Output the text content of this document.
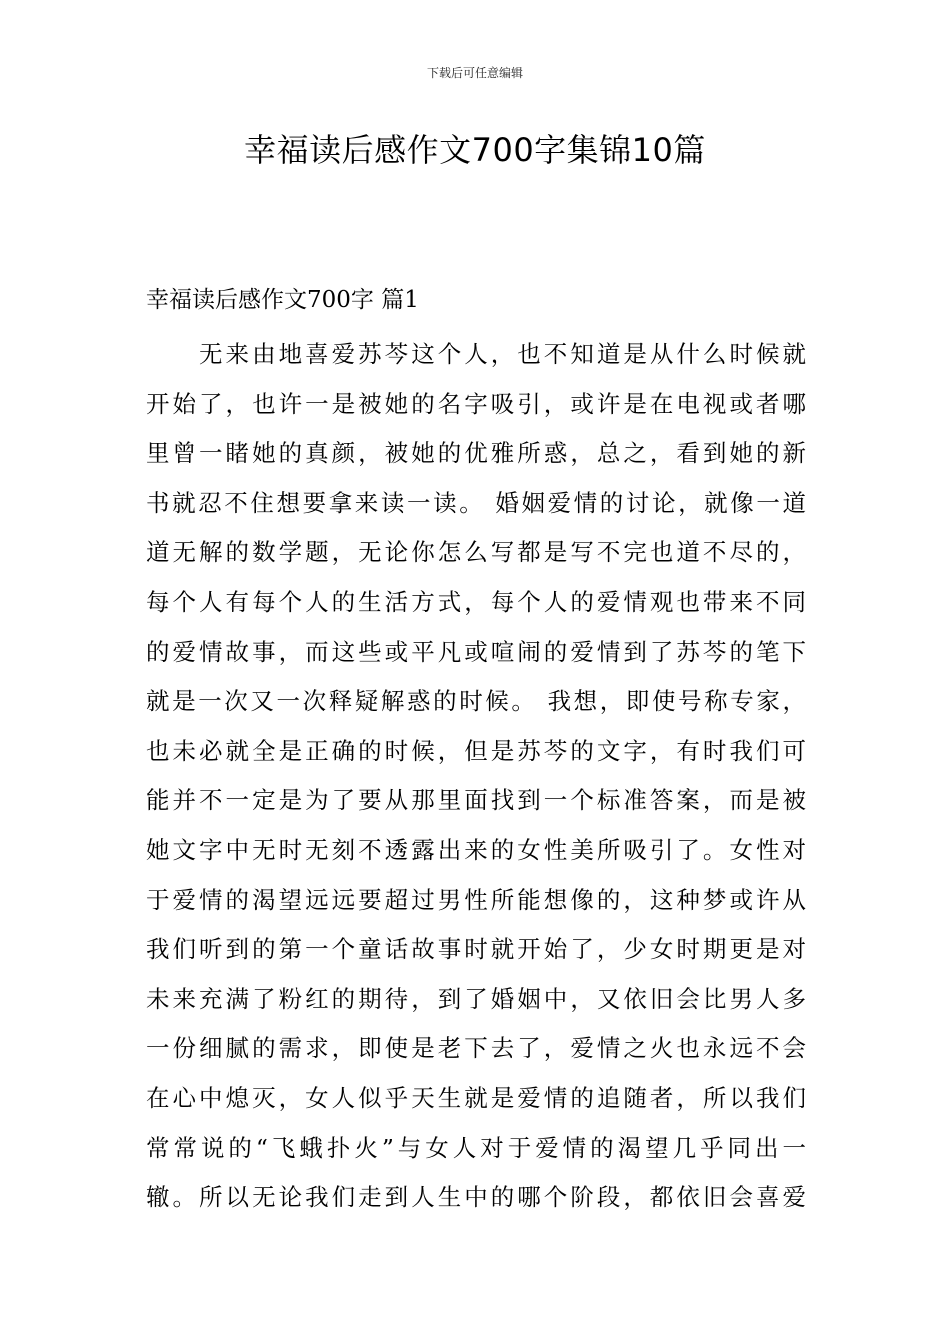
下载后可任意编辑
幸福读后感作文700字集锦10篇
幸福读后感作文700字 篇1
　　无来由地喜爱苏芩这个人，也不知道是从什么时候就
开始了，也许一是被她的名字吸引，或许是在电视或者哪
里曾一睹她的真颜，被她的优雅所惑，总之，看到她的新
书就忍不住想要拿来读一读。 婚姻爱情的讨论，就像一道
道无解的数学题，无论你怎么写都是写不完也道不尽的，
每个人有每个人的生活方式，每个人的爱情观也带来不同
的爱情故事，而这些或平凡或喧闹的爱情到了苏芩的笔下
就是一次又一次释疑解惑的时候。 我想，即使号称专家，
也未必就全是正确的时候，但是苏芩的文字，有时我们可
能并不一定是为了要从那里面找到一个标准答案，而是被
她文字中无时无刻不透露出来的女性美所吸引了。女性对
于爱情的渴望远远要超过男性所能想像的，这种梦或许从
我们听到的第一个童话故事时就开始了，少女时期更是对
未来充满了粉红的期待，到了婚姻中，又依旧会比男人多
一份细腻的需求，即使是老下去了，爱情之火也永远不会
在心中熄灭，女人似乎天生就是爱情的追随者，所以我们
常常说的“飞蛾扑火”与女人对于爱情的渴望几乎同出一
辙。所以无论我们走到人生中的哪个阶段，都依旧会喜爱
